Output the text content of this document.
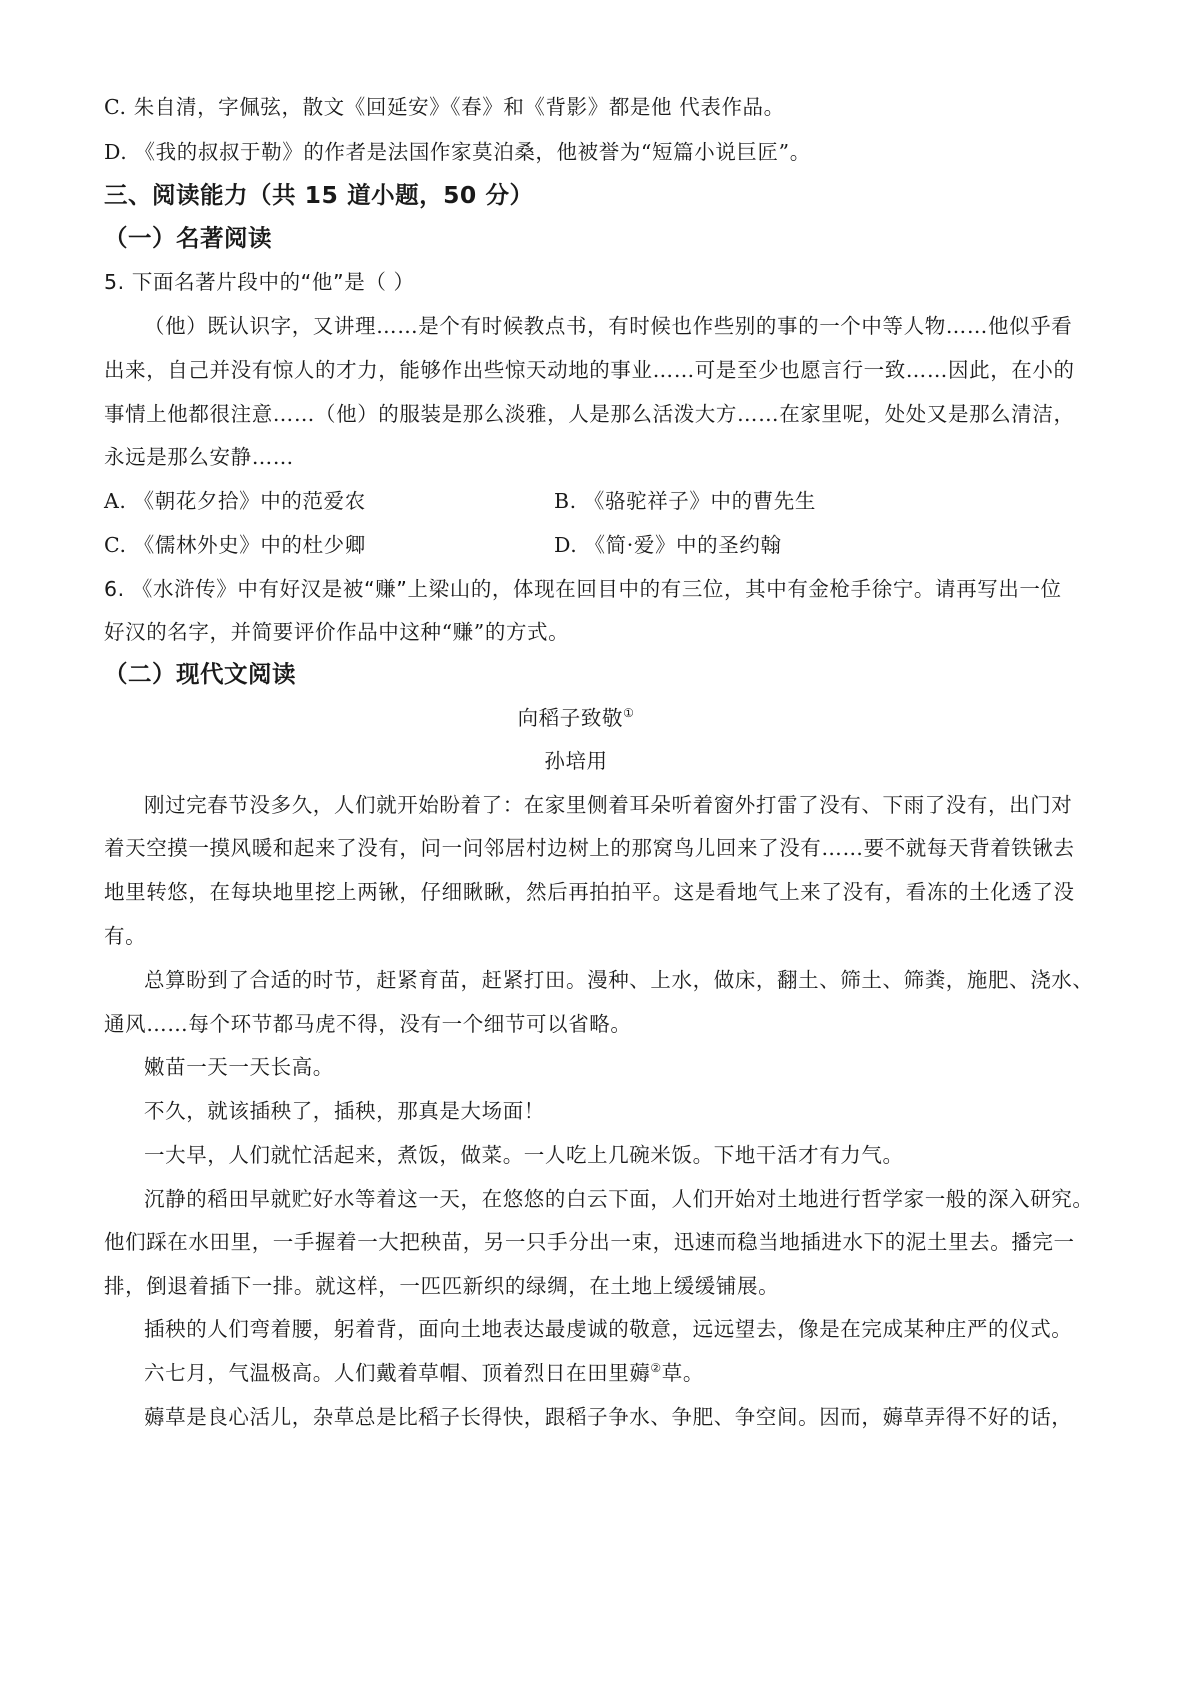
C. 朱自清，字佩弦，散文《回延安》《春》和《背影》都是他 代表作品。
D. 《我的叔叔于勒》的作者是法国作家莫泊桑，他被誉为“短篇小说巨匠”。
三、阅读能力（共 15 道小题，50 分）
（一）名著阅读
5. 下面名著片段中的“他”是（ ）
（他）既认识字，又讲理……是个有时候教点书，有时候也作些别的事的一个中等人物……他似乎看
出来，自己并没有惊人的才力，能够作出些惊天动地的事业……可是至少也愿言行一致……因此，在小的
事情上他都很注意……（他）的服装是那么淡雅，人是那么活泼大方……在家里呢，处处又是那么清洁，
永远是那么安静……
A. 《朝花夕拾》中的范爱农	B. 《骆驼祥子》中的曹先生
C. 《儒林外史》中的杜少卿	D. 《简·爱》中的圣约翰
6. 《水浒传》中有好汉是被“赚”上梁山的，体现在回目中的有三位，其中有金枪手徐宁。请再写出一位
好汉的名字，并简要评价作品中这种“赚”的方式。
（二）现代文阅读
向稻子致敬①
孙培用
刚过完春节没多久，人们就开始盼着了：在家里侧着耳朵听着窗外打雷了没有、下雨了没有，出门对
着天空摸一摸风暖和起来了没有，问一问邻居村边树上的那窝鸟儿回来了没有……要不就每天背着铁锹去
地里转悠，在每块地里挖上两锹，仔细瞅瞅，然后再拍拍平。这是看地气上来了没有，看冻的土化透了没
有。
总算盼到了合适的时节，赶紧育苗，赶紧打田。漫种、上水，做床，翻土、筛土、筛粪，施肥、浇水、
通风……每个环节都马虎不得，没有一个细节可以省略。
嫩苗一天一天长高。
不久，就该插秧了，插秧，那真是大场面！
一大早，人们就忙活起来，煮饭，做菜。一人吃上几碗米饭。下地干活才有力气。
沉静的稻田早就贮好水等着这一天，在悠悠的白云下面，人们开始对土地进行哲学家一般的深入研究。
他们踩在水田里，一手握着一大把秧苗，另一只手分出一束，迅速而稳当地插进水下的泥土里去。播完一
排，倒退着插下一排。就这样，一匹匹新织的绿绸，在土地上缓缓铺展。
插秧的人们弯着腰，躬着背，面向土地表达最虔诚的敬意，远远望去，像是在完成某种庄严的仪式。
六七月，气温极高。人们戴着草帽、顶着烈日在田里薅②草。
薅草是良心活儿，杂草总是比稻子长得快，跟稻子争水、争肥、争空间。因而，薅草弄得不好的话，
